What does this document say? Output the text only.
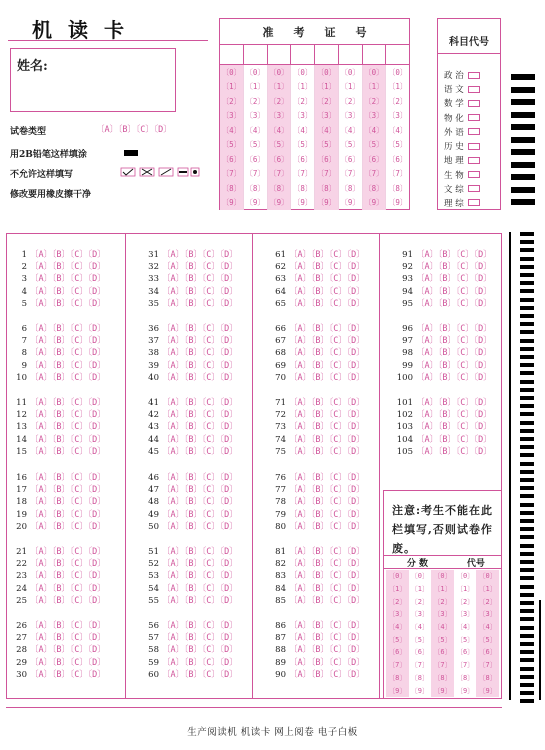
机读卡
姓名:
试卷类型	〔A〕〔B〕〔C〕〔D〕
用2B铅笔这样填涂
不允许这样填写
修改要用橡皮擦干净
准考证号
〔0〕
〔1〕
〔2〕
〔3〕
〔4〕
〔5〕
〔6〕
〔7〕
〔8〕
〔9〕
〔0〕
〔1〕
〔2〕
〔3〕
〔4〕
〔5〕
〔6〕
〔7〕
〔8〕
〔9〕
〔0〕
〔1〕
〔2〕
〔3〕
〔4〕
〔5〕
〔6〕
〔7〕
〔8〕
〔9〕
〔0〕
〔1〕
〔2〕
〔3〕
〔4〕
〔5〕
〔6〕
〔7〕
〔8〕
〔9〕
〔0〕
〔1〕
〔2〕
〔3〕
〔4〕
〔5〕
〔6〕
〔7〕
〔8〕
〔9〕
〔0〕
〔1〕
〔2〕
〔3〕
〔4〕
〔5〕
〔6〕
〔7〕
〔8〕
〔9〕
〔0〕
〔1〕
〔2〕
〔3〕
〔4〕
〔5〕
〔6〕
〔7〕
〔8〕
〔9〕
〔0〕
〔1〕
〔2〕
〔3〕
〔4〕
〔5〕
〔6〕
〔7〕
〔8〕
〔9〕
科目代号
政 治
语 文
数 学
物 化
外 语
历 史
地 理
生 物
文 综
理 综
1 〔A〕〔B〕〔C〕〔D〕
2 〔A〕〔B〕〔C〕〔D〕
3 〔A〕〔B〕〔C〕〔D〕
4 〔A〕〔B〕〔C〕〔D〕
5 〔A〕〔B〕〔C〕〔D〕
6 〔A〕〔B〕〔C〕〔D〕
7 〔A〕〔B〕〔C〕〔D〕
8 〔A〕〔B〕〔C〕〔D〕
9 〔A〕〔B〕〔C〕〔D〕
10 〔A〕〔B〕〔C〕〔D〕
11 〔A〕〔B〕〔C〕〔D〕
12 〔A〕〔B〕〔C〕〔D〕
13 〔A〕〔B〕〔C〕〔D〕
14 〔A〕〔B〕〔C〕〔D〕
15 〔A〕〔B〕〔C〕〔D〕
16 〔A〕〔B〕〔C〕〔D〕
17 〔A〕〔B〕〔C〕〔D〕
18 〔A〕〔B〕〔C〕〔D〕
19 〔A〕〔B〕〔C〕〔D〕
20 〔A〕〔B〕〔C〕〔D〕
21 〔A〕〔B〕〔C〕〔D〕
22 〔A〕〔B〕〔C〕〔D〕
23 〔A〕〔B〕〔C〕〔D〕
24 〔A〕〔B〕〔C〕〔D〕
25 〔A〕〔B〕〔C〕〔D〕
26 〔A〕〔B〕〔C〕〔D〕
27 〔A〕〔B〕〔C〕〔D〕
28 〔A〕〔B〕〔C〕〔D〕
29 〔A〕〔B〕〔C〕〔D〕
30 〔A〕〔B〕〔C〕〔D〕
31 〔A〕〔B〕〔C〕〔D〕
32 〔A〕〔B〕〔C〕〔D〕
33 〔A〕〔B〕〔C〕〔D〕
34 〔A〕〔B〕〔C〕〔D〕
35 〔A〕〔B〕〔C〕〔D〕
36 〔A〕〔B〕〔C〕〔D〕
37 〔A〕〔B〕〔C〕〔D〕
38 〔A〕〔B〕〔C〕〔D〕
39 〔A〕〔B〕〔C〕〔D〕
40 〔A〕〔B〕〔C〕〔D〕
41 〔A〕〔B〕〔C〕〔D〕
42 〔A〕〔B〕〔C〕〔D〕
43 〔A〕〔B〕〔C〕〔D〕
44 〔A〕〔B〕〔C〕〔D〕
45 〔A〕〔B〕〔C〕〔D〕
46 〔A〕〔B〕〔C〕〔D〕
47 〔A〕〔B〕〔C〕〔D〕
48 〔A〕〔B〕〔C〕〔D〕
49 〔A〕〔B〕〔C〕〔D〕
50 〔A〕〔B〕〔C〕〔D〕
51 〔A〕〔B〕〔C〕〔D〕
52 〔A〕〔B〕〔C〕〔D〕
53 〔A〕〔B〕〔C〕〔D〕
54 〔A〕〔B〕〔C〕〔D〕
55 〔A〕〔B〕〔C〕〔D〕
56 〔A〕〔B〕〔C〕〔D〕
57 〔A〕〔B〕〔C〕〔D〕
58 〔A〕〔B〕〔C〕〔D〕
59 〔A〕〔B〕〔C〕〔D〕
60 〔A〕〔B〕〔C〕〔D〕
61 〔A〕〔B〕〔C〕〔D〕
62 〔A〕〔B〕〔C〕〔D〕
63 〔A〕〔B〕〔C〕〔D〕
64 〔A〕〔B〕〔C〕〔D〕
65 〔A〕〔B〕〔C〕〔D〕
66 〔A〕〔B〕〔C〕〔D〕
67 〔A〕〔B〕〔C〕〔D〕
68 〔A〕〔B〕〔C〕〔D〕
69 〔A〕〔B〕〔C〕〔D〕
70 〔A〕〔B〕〔C〕〔D〕
71 〔A〕〔B〕〔C〕〔D〕
72 〔A〕〔B〕〔C〕〔D〕
73 〔A〕〔B〕〔C〕〔D〕
74 〔A〕〔B〕〔C〕〔D〕
75 〔A〕〔B〕〔C〕〔D〕
76 〔A〕〔B〕〔C〕〔D〕
77 〔A〕〔B〕〔C〕〔D〕
78 〔A〕〔B〕〔C〕〔D〕
79 〔A〕〔B〕〔C〕〔D〕
80 〔A〕〔B〕〔C〕〔D〕
81 〔A〕〔B〕〔C〕〔D〕
82 〔A〕〔B〕〔C〕〔D〕
83 〔A〕〔B〕〔C〕〔D〕
84 〔A〕〔B〕〔C〕〔D〕
85 〔A〕〔B〕〔C〕〔D〕
86 〔A〕〔B〕〔C〕〔D〕
87 〔A〕〔B〕〔C〕〔D〕
88 〔A〕〔B〕〔C〕〔D〕
89 〔A〕〔B〕〔C〕〔D〕
90 〔A〕〔B〕〔C〕〔D〕
91 〔A〕〔B〕〔C〕〔D〕
92 〔A〕〔B〕〔C〕〔D〕
93 〔A〕〔B〕〔C〕〔D〕
94 〔A〕〔B〕〔C〕〔D〕
95 〔A〕〔B〕〔C〕〔D〕
96 〔A〕〔B〕〔C〕〔D〕
97 〔A〕〔B〕〔C〕〔D〕
98 〔A〕〔B〕〔C〕〔D〕
99 〔A〕〔B〕〔C〕〔D〕
100 〔A〕〔B〕〔C〕〔D〕
101 〔A〕〔B〕〔C〕〔D〕
102 〔A〕〔B〕〔C〕〔D〕
103 〔A〕〔B〕〔C〕〔D〕
104 〔A〕〔B〕〔C〕〔D〕
105 〔A〕〔B〕〔C〕〔D〕
注意:考生不能在此栏填写,否则试卷作废。
分 数	代号
〔0〕
〔1〕
〔2〕
〔3〕
〔4〕
〔5〕
〔6〕
〔7〕
〔8〕
〔9〕
〔0〕
〔1〕
〔2〕
〔3〕
〔4〕
〔5〕
〔6〕
〔7〕
〔8〕
〔9〕
〔0〕
〔1〕
〔2〕
〔3〕
〔4〕
〔5〕
〔6〕
〔7〕
〔8〕
〔9〕
〔0〕
〔1〕
〔2〕
〔3〕
〔4〕
〔5〕
〔6〕
〔7〕
〔8〕
〔9〕
〔0〕
〔1〕
〔2〕
〔3〕
〔4〕
〔5〕
〔6〕
〔7〕
〔8〕
〔9〕
生产阅读机 机读卡 网上阅卷 电子白板
